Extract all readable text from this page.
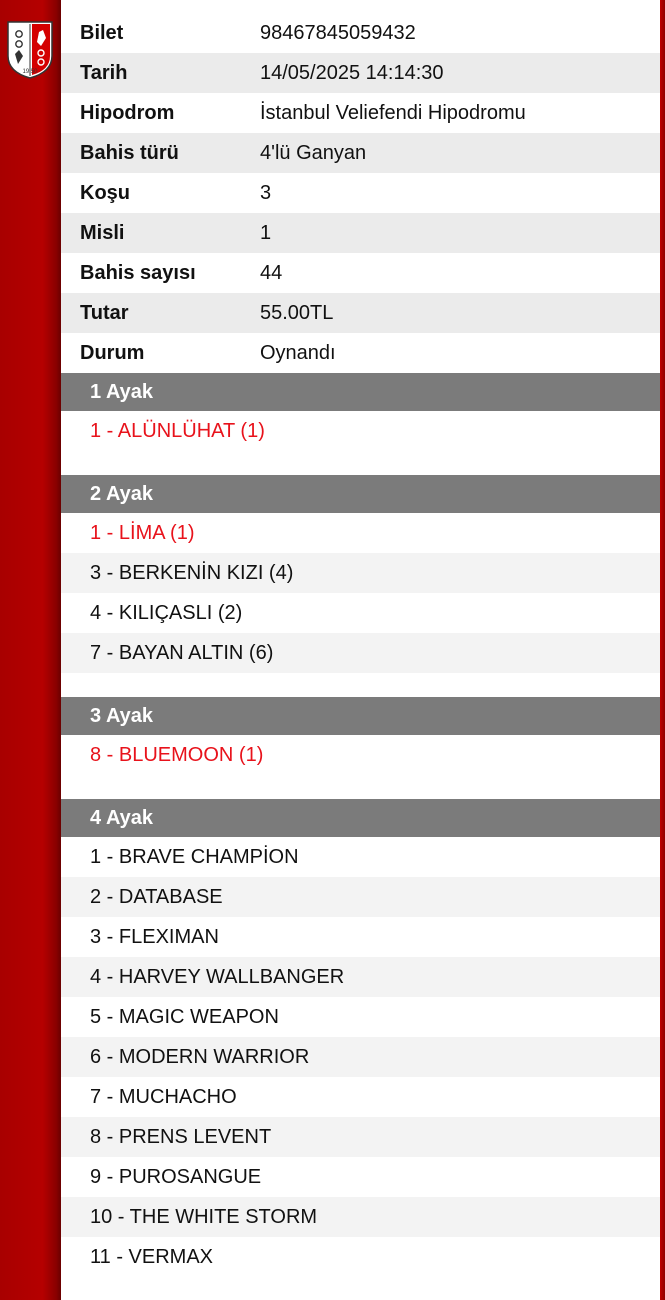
19 50
Bilet	98467845059432
Tarih	14/05/2025 14:14:30
Hipodrom	İstanbul Veliefendi Hipodromu
Bahis türü	4'lü Ganyan
Koşu	3
Misli	1
Bahis sayısı	44
Tutar	55.00TL
Durum	Oynandı
1 Ayak
1 - ALÜNLÜHAT (1)
2 Ayak
1 - LİMA (1)
3 - BERKENİN KIZI (4)
4 - KILIÇASLI (2)
7 - BAYAN ALTIN (6)
3 Ayak
8 - BLUEMOON (1)
4 Ayak
1 - BRAVE CHAMPİON
2 - DATABASE
3 - FLEXIMAN
4 - HARVEY WALLBANGER
5 - MAGIC WEAPON
6 - MODERN WARRIOR
7 - MUCHACHO
8 - PRENS LEVENT
9 - PUROSANGUE
10 - THE WHITE STORM
11 - VERMAX
